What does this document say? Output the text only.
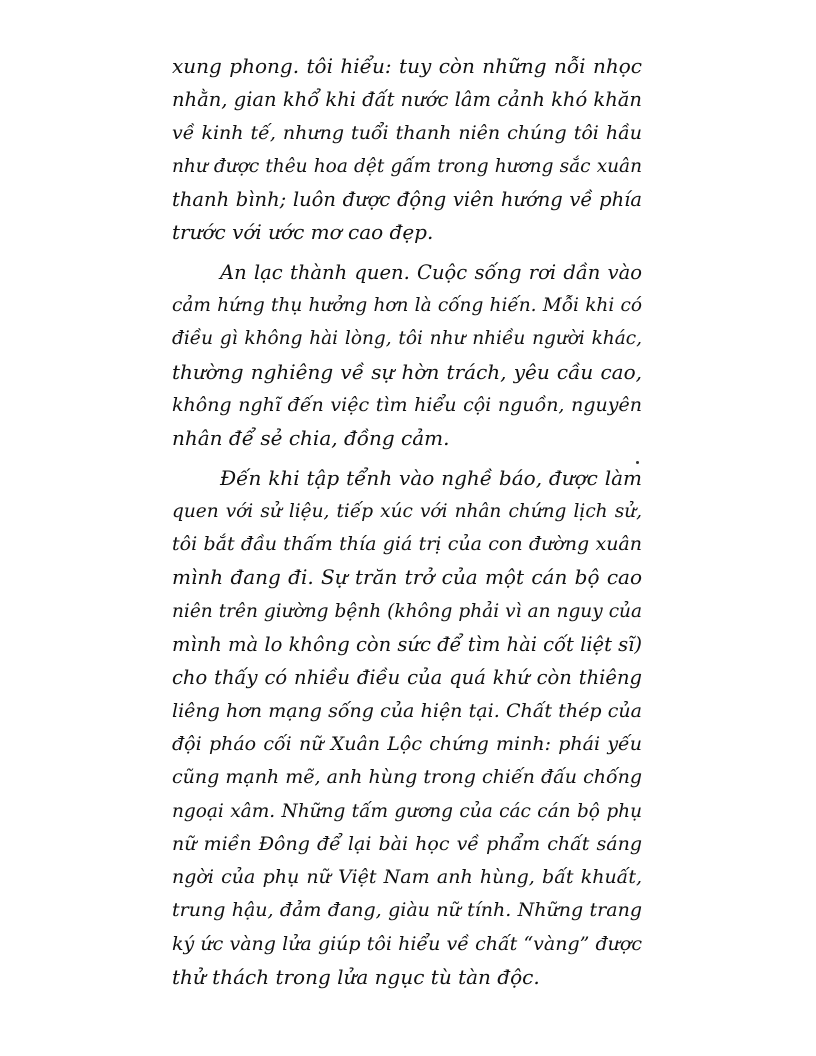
xung phong. tôi hiểu: tuy còn những nỗi nhọc
nhằn, gian khổ khi đất nước lâm cảnh khó khăn
về kinh tế, nhưng tuổi thanh niên chúng tôi hầu
như được thêu hoa dệt gấm trong hương sắc xuân
thanh bình; luôn được động viên hướng về phía
trước với ước mơ cao đẹp.

An lạc thành quen. Cuộc sống rơi dần vào
cảm hứng thụ hưởng hơn là cống hiến. Mỗi khi có
điều gì không hài lòng, tôi như nhiều người khác,
thường nghiêng về sự hờn trách, yêu cầu cao,
không nghĩ đến việc tìm hiểu cội nguồn, nguyên
nhân để sẻ chia, đồng cảm.

Đến khi tập tểnh vào nghề báo, được làm
quen với sử liệu, tiếp xúc với nhân chứng lịch sử,
tôi bắt đầu thấm thía giá trị của con đường xuân
mình đang đi. Sự trăn trở của một cán bộ cao
niên trên giường bệnh (không phải vì an nguy của
mình mà lo không còn sức để tìm hài cốt liệt sĩ)
cho thấy có nhiều điều của quá khứ còn thiêng
liêng hơn mạng sống của hiện tại. Chất thép của
đội pháo cối nữ Xuân Lộc chứng minh: phái yếu
cũng mạnh mẽ, anh hùng trong chiến đấu chống
ngoại xâm. Những tấm gương của các cán bộ phụ
nữ miền Đông để lại bài học về phẩm chất sáng
ngời của phụ nữ Việt Nam anh hùng, bất khuất,
trung hậu, đảm đang, giàu nữ tính. Những trang
ký ức vàng lửa giúp tôi hiểu về chất “vàng” được
thử thách trong lửa ngục tù tàn độc.
